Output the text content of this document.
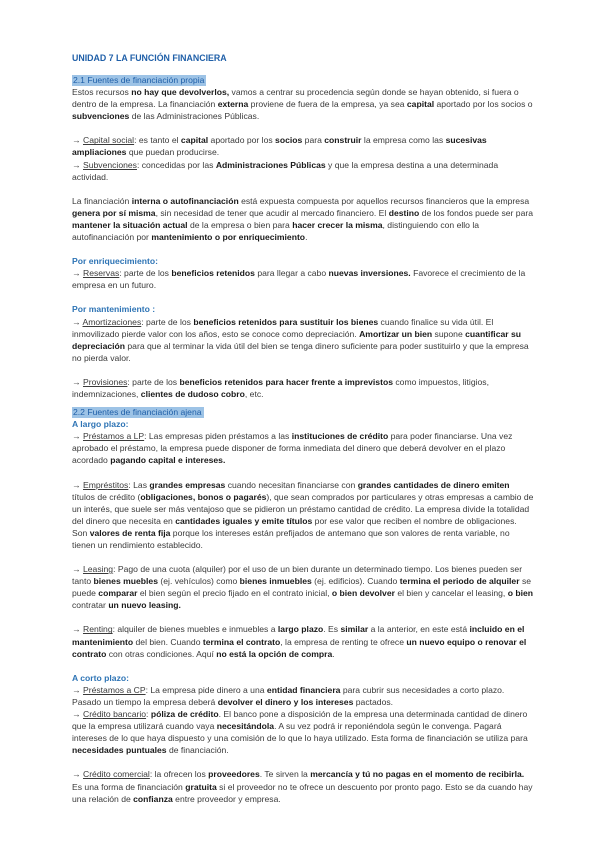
UNIDAD 7 LA FUNCIÓN FINANCIERA

2.1 Fuentes de financiación propia

Estos recursos no hay que devolverlos, vamos a centrar su procedencia según donde se hayan obtenido, si fuera o dentro de la empresa. La financiación externa proviene de fuera de la empresa, ya sea capital aportado por los socios o subvenciones de las Administraciones Públicas.

→ Capital social: es tanto el capital aportado por los socios para construir la empresa como las sucesivas ampliaciones que puedan producirse.

→ Subvenciones: concedidas por las Administraciones Públicas y que la empresa destina a una determinada actividad.

La financiación interna o autofinanciación está expuesta compuesta por aquellos recursos financieros que la empresa genera por sí misma, sin necesidad de tener que acudir al mercado financiero. El destino de los fondos puede ser para mantener la situación actual de la empresa o bien para hacer crecer la misma, distinguiendo con ello la autofinanciación por mantenimiento o por enriquecimiento.

Por enriquecimiento:

→ Reservas: parte de los beneficios retenidos para llegar a cabo nuevas inversiones. Favorece el crecimiento de la empresa en un futuro.

Por mantenimiento :

→ Amortizaciones: parte de los beneficios retenidos para sustituir los bienes cuando finalice su vida útil. El inmovilizado pierde valor con los años, esto se conoce como depreciación. Amortizar un bien supone cuantificar su depreciación para que al terminar la vida útil del bien se tenga dinero suficiente para poder sustituirlo y que la empresa no pierda valor.

→ Provisiones: parte de los beneficios retenidos para hacer frente a imprevistos como impuestos, litigios, indemnizaciones, clientes de dudoso cobro, etc.

2.2 Fuentes de financiación ajena

A largo plazo:

→ Préstamos a LP: Las empresas piden préstamos a las instituciones de crédito para poder financiarse. Una vez aprobado el préstamo, la empresa puede disponer de forma inmediata del dinero que deberá devolver en el plazo acordado pagando capital e intereses.

→ Empréstitos: Las grandes empresas cuando necesitan financiarse con grandes cantidades de dinero emiten títulos de crédito (obligaciones, bonos o pagarés), que sean comprados por particulares y otras empresas a cambio de un interés, que suele ser más ventajoso que se pidieron un préstamo cantidad de crédito. La empresa divide la totalidad del dinero que necesita en cantidades iguales y emite títulos por ese valor que reciben el nombre de obligaciones. Son valores de renta fija porque los intereses están prefijados de antemano que son valores de renta variable, no tienen un rendimiento establecido.

→ Leasing: Pago de una cuota (alquiler) por el uso de un bien durante un determinado tiempo. Los bienes pueden ser tanto bienes muebles (ej. vehículos) como bienes inmuebles (ej. edificios). Cuando termina el periodo de alquiler se puede comparar el bien según el precio fijado en el contrato inicial, o bien devolver el bien y cancelar el leasing, o bien contratar un nuevo leasing.

→ Renting: alquiler de bienes muebles e inmuebles a largo plazo. Es similar a la anterior, en este está incluido en el mantenimiento del bien. Cuando termina el contrato, la empresa de renting te ofrece un nuevo equipo o renovar el contrato con otras condiciones. Aquí no está la opción de compra.

A corto plazo:

→ Préstamos a CP: La empresa pide dinero a una entidad financiera para cubrir sus necesidades a corto plazo. Pasado un tiempo la empresa deberá devolver el dinero y los intereses pactados.

→ Crédito bancario: póliza de crédito. El banco pone a disposición de la empresa una determinada cantidad de dinero que la empresa utilizará cuando vaya necesitándola. A su vez podrá ir reponiéndola según le convenga. Pagará intereses de lo que haya dispuesto y una comisión de lo que lo haya utilizado. Esta forma de financiación se utiliza para necesidades puntuales de financiación.

→ Crédito comercial: la ofrecen los proveedores. Te sirven la mercancía y tú no pagas en el momento de recibirla. Es una forma de financiación gratuita si el proveedor no te ofrece un descuento por pronto pago. Esto se da cuando hay una relación de confianza entre proveedor y empresa.
